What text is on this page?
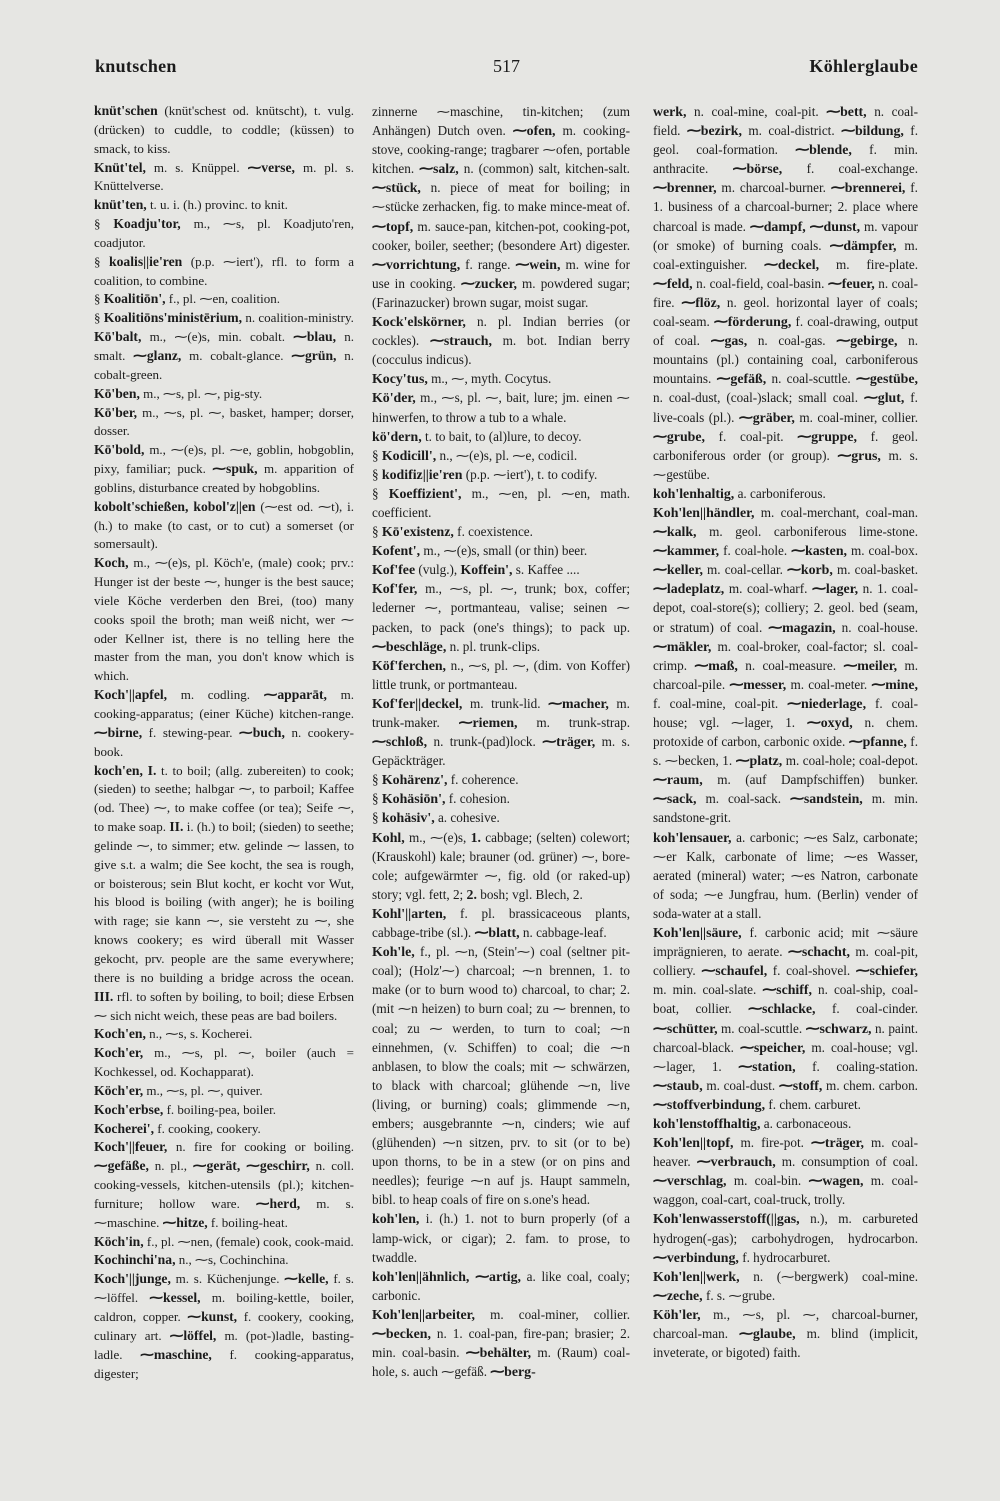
knutschen	517	Köhlerglaube

knüt'schen (knüt'schest od. knütscht), t. vulg. (drücken) to cuddle, to coddle; (küssen) to smack, to kiss.

Knüt'tel, m. s. Knüppel. ⁓verse, m. pl. s. Knüttelverse.

knüt'ten, t. u. i. (h.) provinc. to knit.

§ Koadju'tor, m., ⁓s, pl. Koadjuto'ren, coadjutor.

§ koalis||ie'ren (p.p. ⁓iert'), rfl. to form a coalition, to combine.

§ Koalitiōn', f., pl. ⁓en, coalition.

§ Koalitiōns'ministērium, n. coalition-ministry.

Kō'balt, m., ⁓(e)s, min. cobalt. ⁓blau, n. smalt. ⁓glanz, m. cobalt-glance. ⁓grün, n. cobalt-green.

Kō'ben, m., ⁓s, pl. ⁓, pig-sty.

Kō'ber, m., ⁓s, pl. ⁓, basket, hamper; dorser, dosser.

Kō'bold, m., ⁓(e)s, pl. ⁓e, goblin, hobgoblin, pixy, familiar; puck. ⁓spuk, m. apparition of goblins, disturbance created by hobgoblins.

kobolt'schießen, kobol'z||en (⁓est od. ⁓t), i. (h.) to make (to cast, or to cut) a somerset (or somersault).

Koch, m., ⁓(e)s, pl. Köch'e, (male) cook; prv.: Hunger ist der beste ⁓, hunger is the best sauce; viele Köche verderben den Brei, (too) many cooks spoil the broth; man weiß nicht, wer ⁓ oder Kellner ist, there is no telling here the master from the man, you don't know which is which.

Koch'||apfel, m. codling. ⁓apparāt, m. cooking-apparatus; (einer Küche) kitchen-range. ⁓birne, f. stewing-pear. ⁓buch, n. cookery-book.

koch'en, I. t. to boil; (allg. zubereiten) to cook; (sieden) to seethe; halbgar ⁓, to parboil; Kaffee (od. Thee) ⁓, to make coffee (or tea); Seife ⁓, to make soap. II. i. (h.) to boil; (sieden) to seethe; gelinde ⁓, to simmer; etw. gelinde ⁓ lassen, to give s.t. a walm; die See kocht, the sea is rough, or boisterous; sein Blut kocht, er kocht vor Wut, his blood is boiling (with anger); he is boiling with rage; sie kann ⁓, sie versteht zu ⁓, she knows cookery; es wird überall mit Wasser gekocht, prv. people are the same everywhere; there is no building a bridge across the ocean. III. rfl. to soften by boiling, to boil; diese Erbsen ⁓ sich nicht weich, these peas are bad boilers.

Koch'en, n., ⁓s, s. Kocherei.

Koch'er, m., ⁓s, pl. ⁓, boiler (auch = Kochkessel, od. Kochapparat).

Köch'er, m., ⁓s, pl. ⁓, quiver.

Koch'erbse, f. boiling-pea, boiler.

Kocherei', f. cooking, cookery.

Koch'||feuer, n. fire for cooking or boiling. ⁓gefäße, n. pl., ⁓gerät, ⁓geschirr, n. coll. cooking-vessels, kitchen-utensils (pl.); kitchen-furniture; hollow ware. ⁓herd, m. s. ⁓maschine. ⁓hitze, f. boiling-heat.

Köch'in, f., pl. ⁓nen, (female) cook, cook-maid.

Kochinchi'na, n., ⁓s, Cochinchina.

Koch'||junge, m. s. Küchenjunge. ⁓kelle, f. s. ⁓löffel. ⁓kessel, m. boiling-kettle, boiler, caldron, copper. ⁓kunst, f. cookery, cooking, culinary art. ⁓löffel, m. (pot-)ladle, basting-ladle. ⁓maschine, f. cooking-apparatus, digester;

zinnerne ⁓maschine, tin-kitchen; (zum Anhängen) Dutch oven. ⁓ofen, m. cooking-stove, cooking-range; tragbarer ⁓ofen, portable kitchen. ⁓salz, n. (common) salt, kitchen-salt. ⁓stück, n. piece of meat for boiling; in ⁓stücke zerhacken, fig. to make mince-meat of. ⁓topf, m. sauce-pan, kitchen-pot, cooking-pot, cooker, boiler, seether; (besondere Art) digester. ⁓vorrichtung, f. range. ⁓wein, m. wine for use in cooking. ⁓zucker, m. powdered sugar; (Farinazucker) brown sugar, moist sugar.

Kock'elskörner, n. pl. Indian berries (or cockles). ⁓strauch, m. bot. Indian berry (cocculus indicus).

Kocy'tus, m., ⁓, myth. Cocytus.

Kö'der, m., ⁓s, pl. ⁓, bait, lure; jm. einen ⁓ hinwerfen, to throw a tub to a whale.

kö'dern, t. to bait, to (al)lure, to decoy.

§ Kodicill', n., ⁓(e)s, pl. ⁓e, codicil.

§ kodifiz||ie'ren (p.p. ⁓iert'), t. to codify.

§ Koeffizient', m., ⁓en, pl. ⁓en, math. coefficient.

§ Kō'existenz, f. coexistence.

Kofent', m., ⁓(e)s, small (or thin) beer.

Kof'fee (vulg.), Koffein', s. Kaffee ....

Kof'fer, m., ⁓s, pl. ⁓, trunk; box, coffer; lederner ⁓, portmanteau, valise; seinen ⁓ packen, to pack (one's things); to pack up. ⁓beschläge, n. pl. trunk-clips.

Köf'ferchen, n., ⁓s, pl. ⁓, (dim. von Koffer) little trunk, or portmanteau.

Kof'fer||deckel, m. trunk-lid. ⁓macher, m. trunk-maker. ⁓riemen, m. trunk-strap. ⁓schloß, n. trunk-(pad)lock. ⁓träger, m. s. Gepäckträger.

§ Kohärenz', f. coherence.

§ Kohäsiōn', f. cohesion.

§ kohäsiv', a. cohesive.

Kohl, m., ⁓(e)s, 1. cabbage; (selten) colewort; (Krauskohl) kale; brauner (od. grüner) ⁓, bore-cole; aufgewärmter ⁓, fig. old (or raked-up) story; vgl. fett, 2; 2. bosh; vgl. Blech, 2.

Kohl'||arten, f. pl. brassicaceous plants, cabbage-tribe (sl.). ⁓blatt, n. cabbage-leaf.

Koh'le, f., pl. ⁓n, (Stein'⁓) coal (seltner pit-coal); (Holz'⁓) charcoal; ⁓n brennen, 1. to make (or to burn wood to) charcoal, to char; 2. (mit ⁓n heizen) to burn coal; zu ⁓ brennen, to coal; zu ⁓ werden, to turn to coal; ⁓n einnehmen, (v. Schiffen) to coal; die ⁓n anblasen, to blow the coals; mit ⁓ schwärzen, to black with charcoal; glühende ⁓n, live (living, or burning) coals; glimmende ⁓n, embers; ausgebrannte ⁓n, cinders; wie auf (glühenden) ⁓n sitzen, prv. to sit (or to be) upon thorns, to be in a stew (or on pins and needles); feurige ⁓n auf js. Haupt sammeln, bibl. to heap coals of fire on s.one's head.

koh'len, i. (h.) 1. not to burn properly (of a lamp-wick, or cigar); 2. fam. to prose, to twaddle.

koh'len||ähnlich, ⁓artig, a. like coal, coaly; carbonic.

Koh'len||arbeiter, m. coal-miner, collier. ⁓becken, n. 1. coal-pan, fire-pan; brasier; 2. min. coal-basin. ⁓behälter, m. (Raum) coal-hole, s. auch ⁓gefäß. ⁓berg-

werk, n. coal-mine, coal-pit. ⁓bett, n. coal-field. ⁓bezirk, m. coal-district. ⁓bildung, f. geol. coal-formation. ⁓blende, f. min. anthracite. ⁓börse, f. coal-exchange. ⁓brenner, m. charcoal-burner. ⁓brennerei, f. 1. business of a charcoal-burner; 2. place where charcoal is made. ⁓dampf, ⁓dunst, m. vapour (or smoke) of burning coals. ⁓dämpfer, m. coal-extinguisher. ⁓deckel, m. fire-plate. ⁓feld, n. coal-field, coal-basin. ⁓feuer, n. coal-fire. ⁓flöz, n. geol. horizontal layer of coals; coal-seam. ⁓förderung, f. coal-drawing, output of coal. ⁓gas, n. coal-gas. ⁓gebirge, n. mountains (pl.) containing coal, carboniferous mountains. ⁓gefäß, n. coal-scuttle. ⁓gestübe, n. coal-dust, (coal-)slack; small coal. ⁓glut, f. live-coals (pl.). ⁓gräber, m. coal-miner, collier. ⁓grube, f. coal-pit. ⁓gruppe, f. geol. carboniferous order (or group). ⁓grus, m. s. ⁓gestübe.

koh'lenhaltig, a. carboniferous.

Koh'len||händler, m. coal-merchant, coal-man. ⁓kalk, m. geol. carboniferous lime-stone. ⁓kammer, f. coal-hole. ⁓kasten, m. coal-box. ⁓keller, m. coal-cellar. ⁓korb, m. coal-basket. ⁓ladeplatz, m. coal-wharf. ⁓lager, n. 1. coal-depot, coal-store(s); colliery; 2. geol. bed (seam, or stratum) of coal. ⁓magazin, n. coal-house. ⁓mäkler, m. coal-broker, coal-factor; sl. coal-crimp. ⁓maß, n. coal-measure. ⁓meiler, m. charcoal-pile. ⁓messer, m. coal-meter. ⁓mine, f. coal-mine, coal-pit. ⁓niederlage, f. coal-house; vgl. ⁓lager, 1. ⁓oxyd, n. chem. protoxide of carbon, carbonic oxide. ⁓pfanne, f. s. ⁓becken, 1. ⁓platz, m. coal-hole; coal-depot. ⁓raum, m. (auf Dampfschiffen) bunker. ⁓sack, m. coal-sack. ⁓sandstein, m. min. sandstone-grit.

koh'lensauer, a. carbonic; ⁓es Salz, carbonate; ⁓er Kalk, carbonate of lime; ⁓es Wasser, aerated (mineral) water; ⁓es Natron, carbonate of soda; ⁓e Jungfrau, hum. (Berlin) vender of soda-water at a stall.

Koh'len||säure, f. carbonic acid; mit ⁓säure imprägnieren, to aerate. ⁓schacht, m. coal-pit, colliery. ⁓schaufel, f. coal-shovel. ⁓schiefer, m. min. coal-slate. ⁓schiff, n. coal-ship, coal-boat, collier. ⁓schlacke, f. coal-cinder. ⁓schütter, m. coal-scuttle. ⁓schwarz, n. paint. charcoal-black. ⁓speicher, m. coal-house; vgl. ⁓lager, 1. ⁓station, f. coaling-station. ⁓staub, m. coal-dust. ⁓stoff, m. chem. carbon. ⁓stoffverbindung, f. chem. carburet.

koh'lenstoffhaltig, a. carbonaceous.

Koh'len||topf, m. fire-pot. ⁓träger, m. coal-heaver. ⁓verbrauch, m. consumption of coal. ⁓verschlag, m. coal-bin. ⁓wagen, m. coal-waggon, coal-cart, coal-truck, trolly.

Koh'lenwasserstoff(||gas, n.), m. carbureted hydrogen(-gas); carbohydrogen, hydrocarbon. ⁓verbindung, f. hydrocarburet.

Koh'len||werk, n. (⁓bergwerk) coal-mine. ⁓zeche, f. s. ⁓grube.

Köh'ler, m., ⁓s, pl. ⁓, charcoal-burner, charcoal-man. ⁓glaube, m. blind (implicit, inveterate, or bigoted) faith.
